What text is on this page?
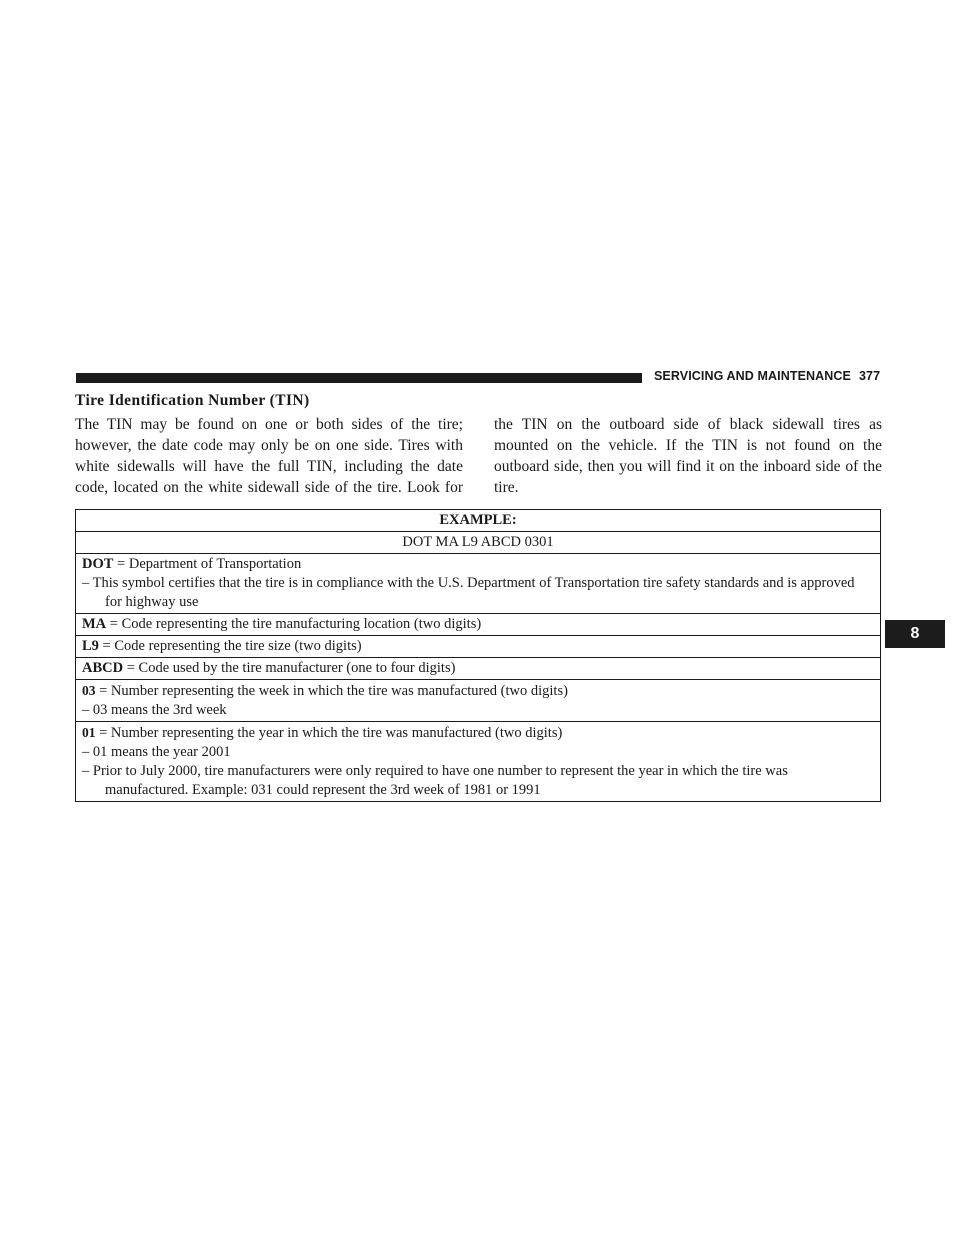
SERVICING AND MAINTENANCE 377
Tire Identification Number (TIN)

The TIN may be found on one or both sides of the tire; however, the date code may only be on one side. Tires with white sidewalls will have the full TIN, including the date code, located on the white sidewall side of the tire. Look for

the TIN on the outboard side of black sidewall tires as mounted on the vehicle. If the TIN is not found on the outboard side, then you will find it on the inboard side of the tire.

8
EXAMPLE:
DOT MA L9 ABCD 0301

DOT = Department of Transportation
– This symbol certifies that the tire is in compliance with the U.S. Department of Transportation tire safety standards and is approved for highway use

MA = Code representing the tire manufacturing location (two digits)
L9 = Code representing the tire size (two digits)
ABCD = Code used by the tire manufacturer (one to four digits)

03 = Number representing the week in which the tire was manufactured (two digits)
– 03 means the 3rd week

01 = Number representing the year in which the tire was manufactured (two digits)
– 01 means the year 2001
– Prior to July 2000, tire manufacturers were only required to have one number to represent the year in which the tire was manufactured. Example: 031 could represent the 3rd week of 1981 or 1991
